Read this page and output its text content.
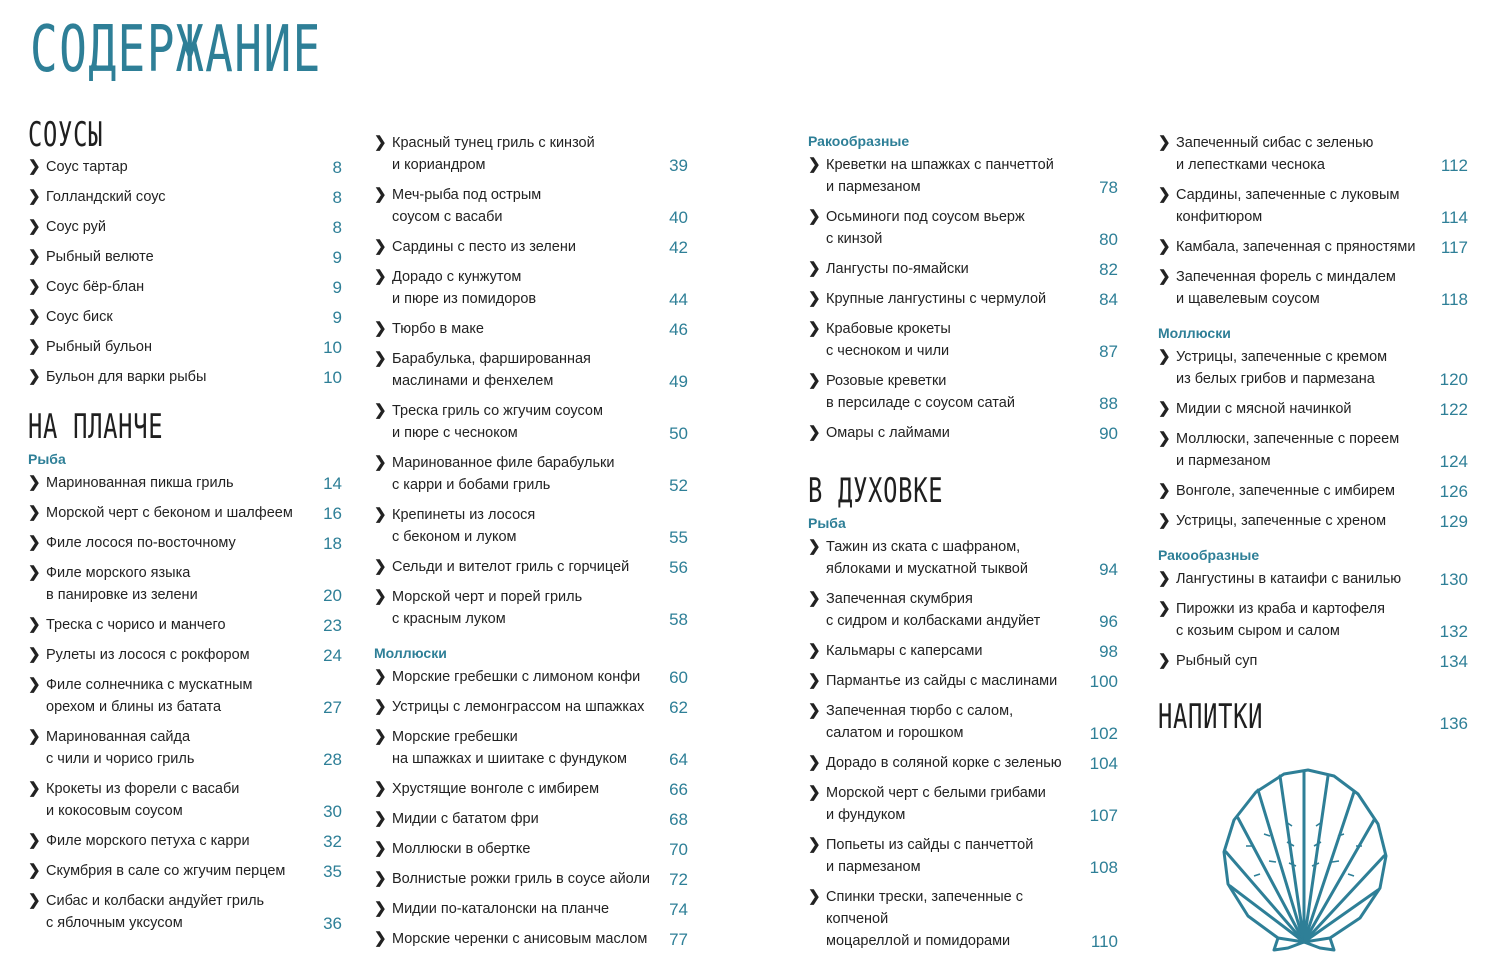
СОДЕРЖАНИЕ
СОУСЫ
❯ Соус тартар	8
❯ Голландский соус	8
❯ Соус руй	8
❯ Рыбный велюте	9
❯ Соус бёр-блан	9
❯ Соус биск	9
❯ Рыбный бульон	10
❯ Бульон для варки рыбы	10
НА ПЛАНЧЕ
Рыба
❯ Маринованная пикша гриль	14
❯ Морской черт с беконом и шалфеем	16
❯ Филе лосося по-восточному	18
❯ Филе морского языка
в панировке из зелени	20
❯ Треска с чорисо и манчего	23
❯ Рулеты из лосося с рокфором	24
❯ Филе солнечника с мускатным
орехом и блины из батата	27
❯ Маринованная сайда
с чили и чорисо гриль	28
❯ Крокеты из форели с васаби
и кокосовым соусом	30
❯ Филе морского петуха с карри	32
❯ Скумбрия в сале со жгучим перцем	35
❯ Сибас и колбаски андуйет гриль
с яблочным уксусом	36
❯ Красный тунец гриль с кинзой
и кориандром	39
❯ Меч-рыба под острым
соусом с васаби	40
❯ Сардины с песто из зелени	42
❯ Дорадо с кунжутом
и пюре из помидоров	44
❯ Тюрбо в маке	46
❯ Барабулька, фаршированная
маслинами и фенхелем	49
❯ Треска гриль со жгучим соусом
и пюре с чесноком	50
❯ Маринованное филе барабульки
с карри и бобами гриль	52
❯ Крепинеты из лосося
с беконом и луком	55
❯ Сельди и вителот гриль с горчицей	56
❯ Морской черт и порей гриль
с красным луком	58
Моллюски
❯ Морские гребешки с лимоном конфи	60
❯ Устрицы с лемонграссом на шпажках	62
❯ Морские гребешки
на шпажках и шиитаке с фундуком	64
❯ Хрустящие вонголе с имбирем	66
❯ Мидии с бататом фри	68
❯ Моллюски в обертке	70
❯ Волнистые рожки гриль в соусе айоли	72
❯ Мидии по-каталонски на планче	74
❯ Морские черенки с анисовым маслом	77
Ракообразные
❯ Креветки на шпажках с панчеттой
и пармезаном	78
❯ Осьминоги под соусом вьерж
с кинзой	80
❯ Лангусты по-ямайски	82
❯ Крупные лангустины с чермулой	84
❯ Крабовые крокеты
с чесноком и чили	87
❯ Розовые креветки
в персиладе с соусом сатай	88
❯ Омары с лаймами	90
В ДУХОВКЕ
Рыба
❯ Тажин из ската с шафраном,
яблоками и мускатной тыквой	94
❯ Запеченная скумбрия
с сидром и колбасками андуйет	96
❯ Кальмары с каперсами	98
❯ Пармантье из сайды с маслинами 100
❯ Запеченная тюрбо с салом,
салатом и горошком	102
❯ Дорадо в соляной корке с зеленью 104
❯ Морской черт с белыми грибами
и фундуком	107
❯ Попьеты из сайды с панчеттой
и пармезаном	108
❯ Спинки трески, запеченные с копченой
моцареллой и помидорами	110
❯ Запеченный сибас с зеленью
и лепестками чеснока	112
❯ Сардины, запеченные с луковым
конфитюром	114
❯ Камбала, запеченная с пряностями 117
❯ Запеченная форель с миндалем
и щавелевым соусом	118
Моллюски
❯ Устрицы, запеченные с кремом
из белых грибов и пармезана	120
❯ Мидии с мясной начинкой	122
❯ Моллюски, запеченные с пореем
и пармезаном	124
❯ Вонголе, запеченные с имбирем	126
❯ Устрицы, запеченные с хреном	129
Ракообразные
❯ Лангустины в катаифи с ванилью 130
❯ Пирожки из краба и картофеля
с козьим сыром и салом	132
❯ Рыбный суп	134
НАПИТКИ	136
